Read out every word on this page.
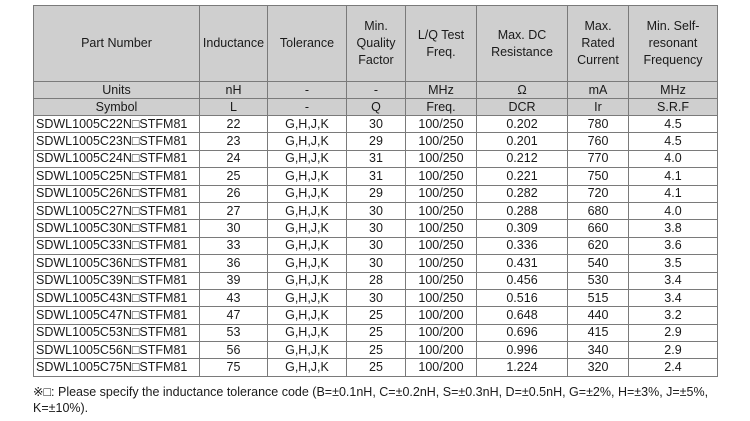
Part Number	Inductance	Tolerance	Min. Quality Factor	L/Q Test Freq.	Max. DC Resistance	Max. Rated Current	Min. Self-resonant Frequency
Units	nH	-	-	MHz	Ω	mA	MHz
Symbol	L	-	Q	Freq.	DCR	Ir	S.R.F
SDWL1005C22N□STFM81	22	G,H,J,K	30	100/250	0.202	780	4.5
SDWL1005C23N□STFM81	23	G,H,J,K	29	100/250	0.201	760	4.5
SDWL1005C24N□STFM81	24	G,H,J,K	31	100/250	0.212	770	4.0
SDWL1005C25N□STFM81	25	G,H,J,K	31	100/250	0.221	750	4.1
SDWL1005C26N□STFM81	26	G,H,J,K	29	100/250	0.282	720	4.1
SDWL1005C27N□STFM81	27	G,H,J,K	30	100/250	0.288	680	4.0
SDWL1005C30N□STFM81	30	G,H,J,K	30	100/250	0.309	660	3.8
SDWL1005C33N□STFM81	33	G,H,J,K	30	100/250	0.336	620	3.6
SDWL1005C36N□STFM81	36	G,H,J,K	30	100/250	0.431	540	3.5
SDWL1005C39N□STFM81	39	G,H,J,K	28	100/250	0.456	530	3.4
SDWL1005C43N□STFM81	43	G,H,J,K	30	100/250	0.516	515	3.4
SDWL1005C47N□STFM81	47	G,H,J,K	25	100/200	0.648	440	3.2
SDWL1005C53N□STFM81	53	G,H,J,K	25	100/200	0.696	415	2.9
SDWL1005C56N□STFM81	56	G,H,J,K	25	100/200	0.996	340	2.9
SDWL1005C75N□STFM81	75	G,H,J,K	25	100/200	1.224	320	2.4
※□: Please specify the inductance tolerance code (B=±0.1nH, C=±0.2nH, S=±0.3nH, D=±0.5nH, G=±2%, H=±3%, J=±5%, K=±10%).
